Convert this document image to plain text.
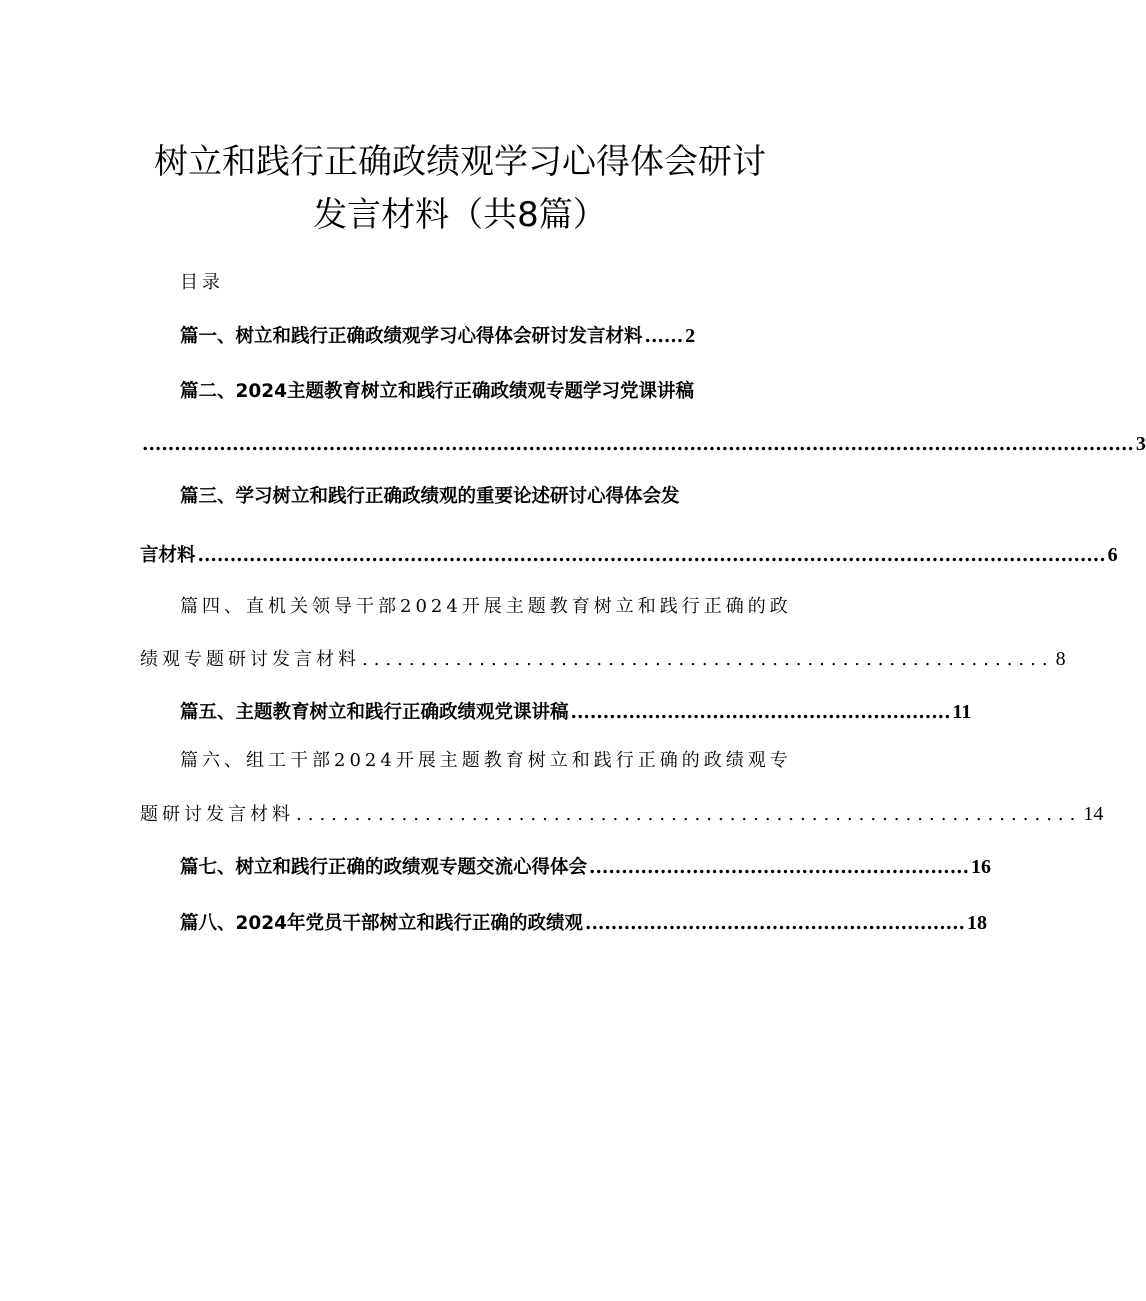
树立和践行正确政绩观学习心得体会研讨
发言材料（共8篇）
目录
篇一、树立和践行正确政绩观学习心得体会研讨发言材料 ...... 2
篇二、2024主题教育树立和践行正确政绩观专题学习党课讲稿
.......................................................................................................................................................... 3
篇三、学习树立和践行正确政绩观的重要论述研讨心得体会发
言材料 ............................................................................................................................................. 6
篇四、直机关领导干部2024开展主题教育树立和践行正确的政
绩观专题研讨发言材料 ........................................................... 8
篇五、主题教育树立和践行正确政绩观党课讲稿 ........................................................... 11
篇六、组工干部2024开展主题教育树立和践行正确的政绩观专
题研讨发言材料 ................................................................... 14
篇七、树立和践行正确的政绩观专题交流心得体会 ........................................................... 16
篇八、2024年党员干部树立和践行正确的政绩观 ........................................................... 18
